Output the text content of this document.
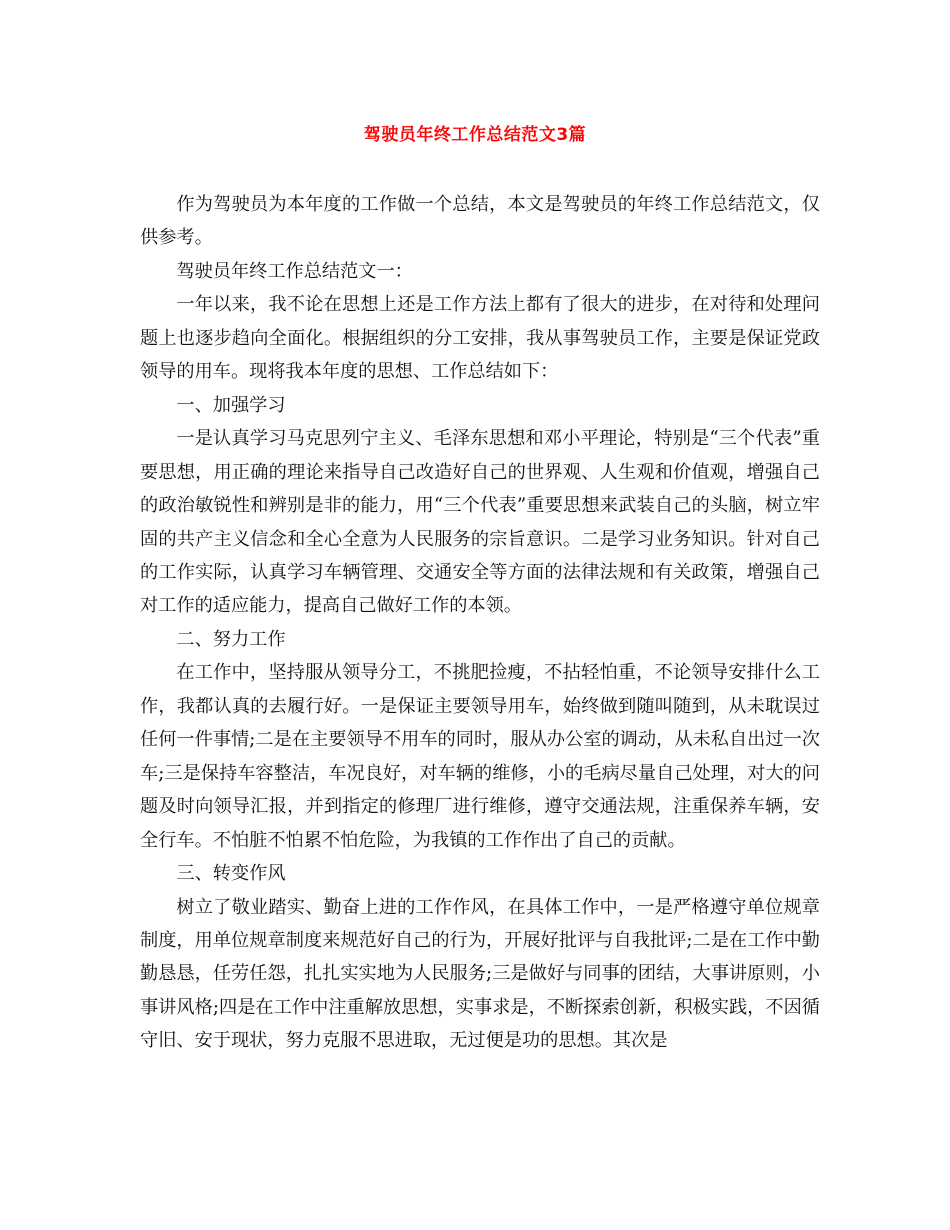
驾驶员年终工作总结范文3篇

作为驾驶员为本年度的工作做一个总结，本文是驾驶员的年终工作总结范文，仅供参考。

驾驶员年终工作总结范文一：

一年以来，我不论在思想上还是工作方法上都有了很大的进步，在对待和处理问题上也逐步趋向全面化。根据组织的分工安排，我从事驾驶员工作，主要是保证党政领导的用车。现将我本年度的思想、工作总结如下：

一、加强学习

一是认真学习马克思列宁主义、毛泽东思想和邓小平理论，特别是“三个代表”重要思想，用正确的理论来指导自己改造好自己的世界观、人生观和价值观，增强自己的政治敏锐性和辨别是非的能力，用“三个代表”重要思想来武装自己的头脑，树立牢固的共产主义信念和全心全意为人民服务的宗旨意识。二是学习业务知识。针对自己的工作实际，认真学习车辆管理、交通安全等方面的法律法规和有关政策，增强自己对工作的适应能力，提高自己做好工作的本领。

二、努力工作

在工作中，坚持服从领导分工，不挑肥捡瘦，不拈轻怕重，不论领导安排什么工作，我都认真的去履行好。一是保证主要领导用车，始终做到随叫随到，从未耽误过任何一件事情;二是在主要领导不用车的同时，服从办公室的调动，从未私自出过一次车;三是保持车容整洁，车况良好，对车辆的维修，小的毛病尽量自己处理，对大的问题及时向领导汇报，并到指定的修理厂进行维修，遵守交通法规，注重保养车辆，安全行车。不怕脏不怕累不怕危险，为我镇的工作作出了自己的贡献。

三、转变作风

树立了敬业踏实、勤奋上进的工作作风，在具体工作中，一是严格遵守单位规章制度，用单位规章制度来规范好自己的行为，开展好批评与自我批评;二是在工作中勤勤恳恳，任劳任怨，扎扎实实地为人民服务;三是做好与同事的团结，大事讲原则，小事讲风格;四是在工作中注重解放思想，实事求是，不断探索创新，积极实践，不因循守旧、安于现状，努力克服不思进取，无过便是功的思想。其次是
